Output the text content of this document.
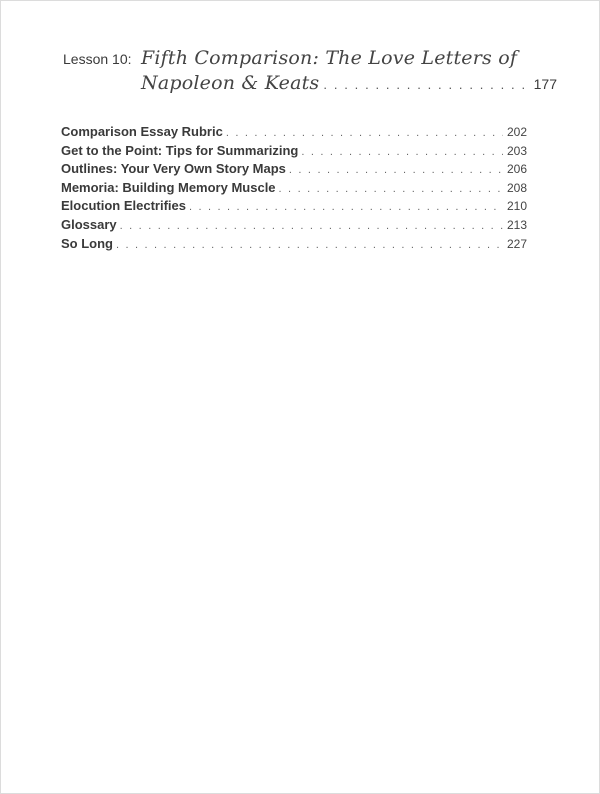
Lesson 10: Fifth Comparison: The Love Letters of
Napoleon & Keats . . .	177
Comparison Essay Rubric . . .	202
Get to the Point: Tips for Summarizing . . .	203
Outlines: Your Very Own Story Maps . . .	206
Memoria: Building Memory Muscle . . .	208
Elocution Electrifies . . .	210
Glossary . . .	213
So Long . . .	227
